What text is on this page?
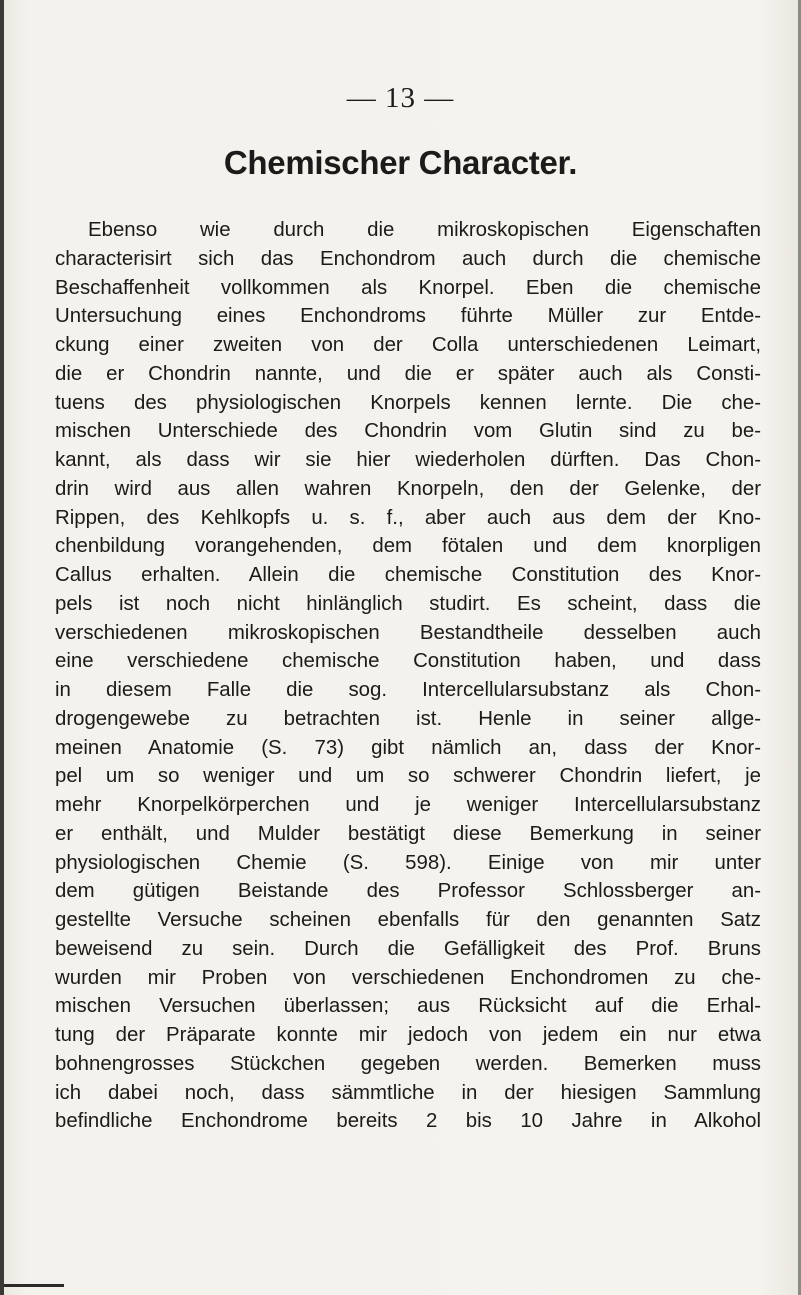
— 13 —
Chemischer Character.
Ebenso wie durch die mikroskopischen Eigenschaften
characterisirt sich das Enchondrom auch durch die chemische
Beschaffenheit vollkommen als Knorpel. Eben die chemische
Untersuchung eines Enchondroms führte Müller zur Entde-
ckung einer zweiten von der Colla unterschiedenen Leimart,
die er Chondrin nannte, und die er später auch als Consti-
tuens des physiologischen Knorpels kennen lernte. Die che-
mischen Unterschiede des Chondrin vom Glutin sind zu be-
kannt, als dass wir sie hier wiederholen dürften. Das Chon-
drin wird aus allen wahren Knorpeln, den der Gelenke, der
Rippen, des Kehlkopfs u. s. f., aber auch aus dem der Kno-
chenbildung vorangehenden, dem fötalen und dem knorpligen
Callus erhalten. Allein die chemische Constitution des Knor-
pels ist noch nicht hinlänglich studirt. Es scheint, dass die
verschiedenen mikroskopischen Bestandtheile desselben auch
eine verschiedene chemische Constitution haben, und dass
in diesem Falle die sog. Intercellularsubstanz als Chon-
drogengewebe zu betrachten ist. Henle in seiner allge-
meinen Anatomie (S. 73) gibt nämlich an, dass der Knor-
pel um so weniger und um so schwerer Chondrin liefert, je
mehr Knorpelkörperchen und je weniger Intercellularsubstanz
er enthält, und Mulder bestätigt diese Bemerkung in seiner
physiologischen Chemie (S. 598). Einige von mir unter
dem gütigen Beistande des Professor Schlossberger an-
gestellte Versuche scheinen ebenfalls für den genannten Satz
beweisend zu sein. Durch die Gefälligkeit des Prof. Bruns
wurden mir Proben von verschiedenen Enchondromen zu che-
mischen Versuchen überlassen; aus Rücksicht auf die Erhal-
tung der Präparate konnte mir jedoch von jedem ein nur etwa
bohnengrosses Stückchen gegeben werden. Bemerken muss
ich dabei noch, dass sämmtliche in der hiesigen Sammlung
befindliche Enchondrome bereits 2 bis 10 Jahre in Alkohol
